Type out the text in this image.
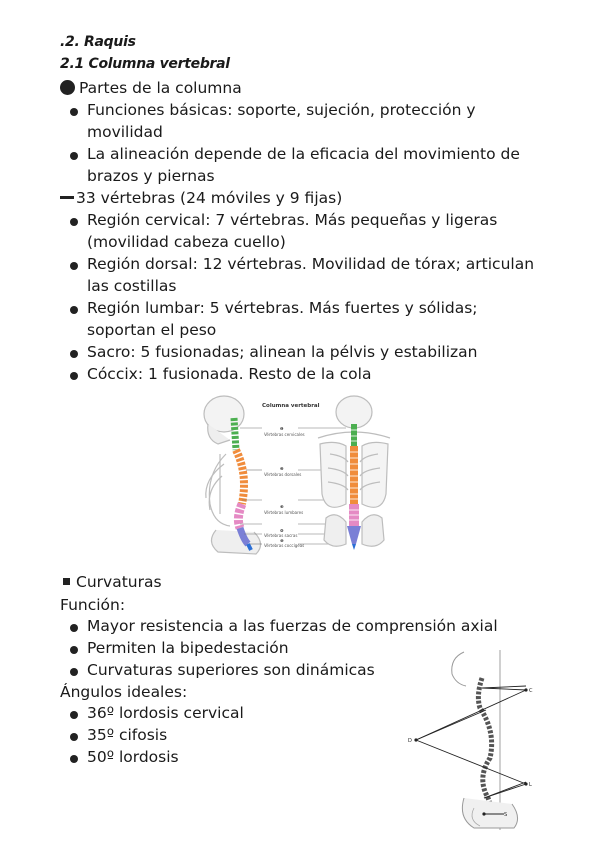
.2. Raquis
2.1 Columna vertebral
Partes de la columna
Funciones básicas: soporte, sujeción, protección y movilidad
La alineación depende de la eficacia del movimiento de brazos y piernas
33 vértebras (24 móviles y 9 fijas)
Región cervical: 7 vértebras. Más pequeñas y ligeras (movilidad cabeza cuello)
Región dorsal: 12 vértebras. Movilidad de tórax; articulan las costillas
Región lumbar: 5 vértebras. Más fuertes y sólidas; soportan el peso
Sacro: 5 fusionadas; alinean la pélvis y estabilizan
Cóccix: 1 fusionada. Resto de la cola
Columna vertebral
❶
Vértebras cervicales
❷
Vértebras dorsales
❸
Vértebras lumbares
❹
Vértebras sacras
❺
Vértebras coccígeas
Curvaturas
Función:
Mayor resistencia a las fuerzas de comprensión axial
Permiten la bipedestación
Curvaturas superiores son dinámicas
Ángulos ideales:
36º lordosis cervical
35º cifosis
50º lordosis
C
D
L
S
